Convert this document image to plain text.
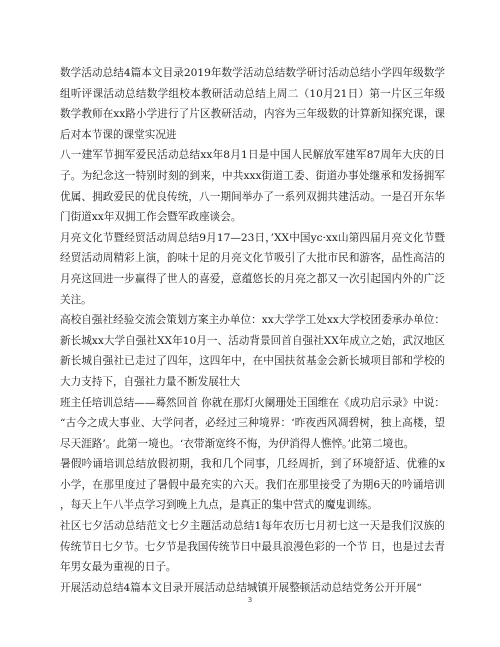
数学活动总结4篇本文目录2019年数学活动总结数学研讨活动总结小学四年级数学组听评课活动总结数学组校本教研活动总结上周二（10月21日）第一片区三年级数学教师在xx路小学进行了片区教研活动，内容为三年级数的计算新知探究课，课后对本节课的课堂实况进

八一建军节拥军爱民活动总结xx年8月1日是中国人民解放军建军87周年大庆的日子。为纪念这一特别时刻的到来，中共xxx街道工委、街道办事处继承和发扬拥军优属、拥政爱民的优良传统，八一期间举办了一系列双拥共建活动。一是召开东华门街道xx年双拥工作会暨军政座谈会。

月亮文化节暨经贸活动周总结9月17—23日，’XX中国yc·xx山第四届月亮文化节暨经贸活动周精彩上演，韵味十足的月亮文化节吸引了大批市民和游客，品性高洁的月亮这回进一步赢得了世人的喜爱，意蕴悠长的月亮之都又一次引起国内外的广泛关注。

高校自强社经验交流会策划方案主办单位：xx大学学工处xx大学校团委承办单位：新长城xx大学自强社XX年10月一、活动背景回首自强社XX年成立之始，武汉地区新长城自强社已走过了四年，这四年中，在中国扶贫基金会新长城项目部和学校的大力支持下，自强社力量不断发展壮大

班主任培训总结——蓦然回首 你就在那灯火阑珊处王国维在《成功启示录》中说：“古今之成大事业、大学问者，必经过三种境界：‘昨夜西风凋碧树，独上高楼，望尽天涯路’。此第一境也。‘衣带渐宽终不悔，为伊消得人憔悴。’此第二境也。

暑假吟诵培训总结放假初期，我和几个同事，几经周折，到了环境舒适、优雅的x小学，在那里度过了暑假中最充实的六天。我们在那里接受了为期6天的吟诵培训，每天上午八半点学习到晚上九点，是真正的集中营式的魔鬼训练。

社区七夕活动总结范文七夕主题活动总结1每年农历七月初七这一天是我们汉族的传统节日七夕节。七夕节是我国传统节日中最具浪漫色彩的一个节 日，也是过去青年男女最为重视的日子。

开展活动总结4篇本文目录开展活动总结城镇开展整顿活动总结党务公开开展“

3
